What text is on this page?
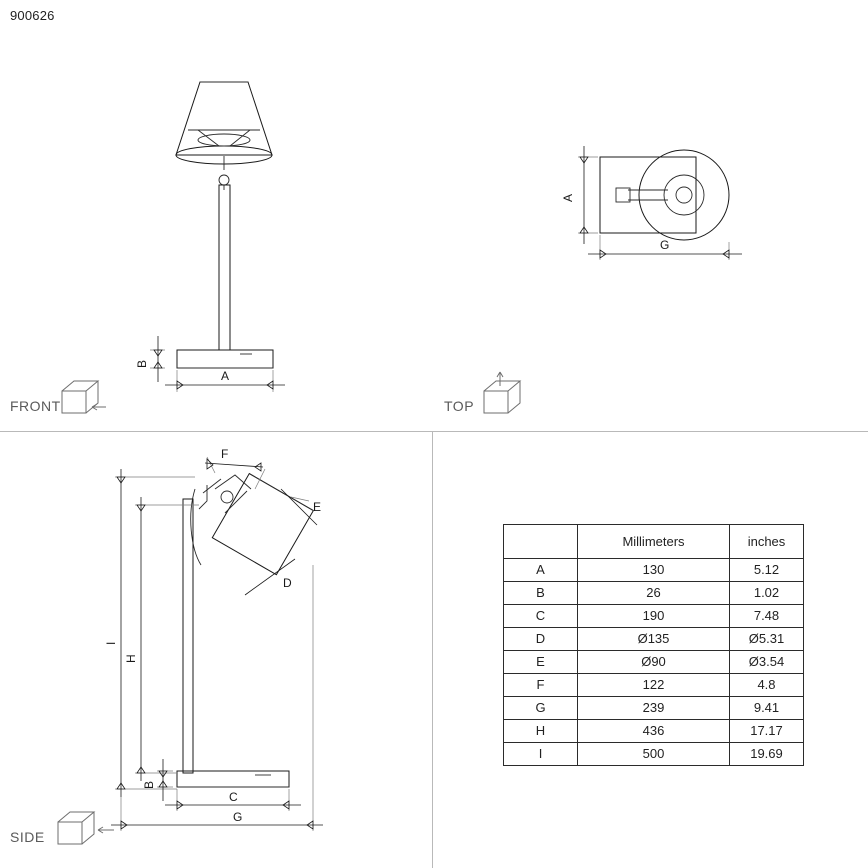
900626
B
A
FRONT
A
G
TOP
F
E
D
I
H
B
C
G
SIDE
	Millimeters	inches
A	130	5.12
B	26	1.02
C	190	7.48
D	Ø135	Ø5.31
E	Ø90	Ø3.54
F	122	4.8
G	239	9.41
H	436	17.17
I	500	19.69
